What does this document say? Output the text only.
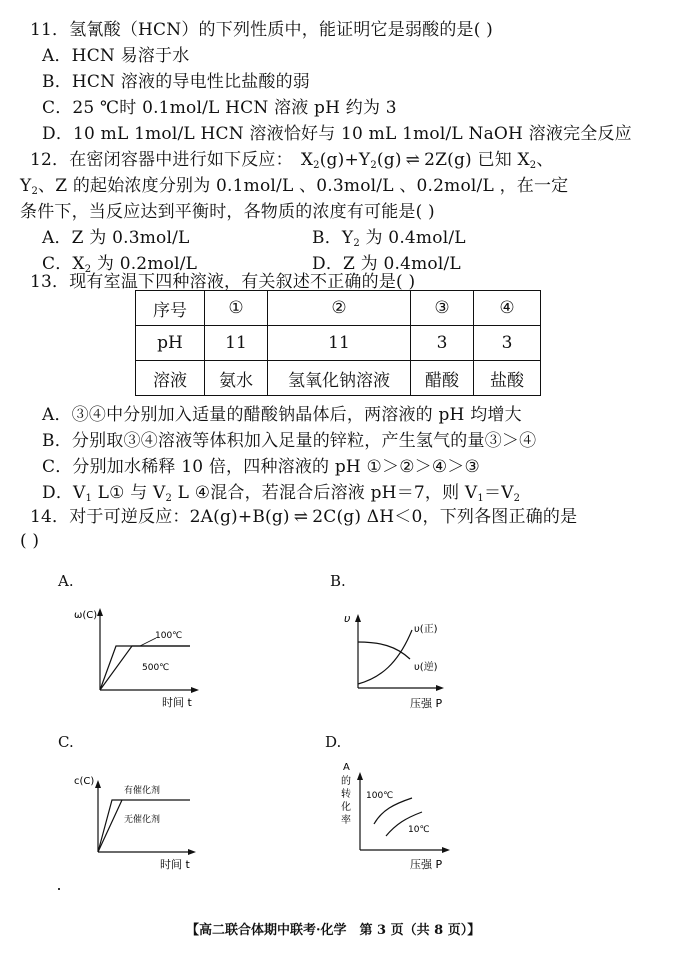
11．氢氰酸（HCN）的下列性质中，能证明它是弱酸的是( )
A．HCN 易溶于水
B．HCN 溶液的导电性比盐酸的弱
C．25 ℃时 0.1mol/L HCN 溶液 pH 约为 3
D．10 mL 1mol/L HCN 溶液恰好与 10 mL 1mol/L NaOH 溶液完全反应
12．在密闭容器中进行如下反应： $X_2(g)+Y_2(g)$ ⇌ 2Z(g) 已知 $X_2$、
$Y_2$、Z 的起始浓度分别为 0.1mol/L 、0.3mol/L 、0.2mol/L ，在一定
条件下，当反应达到平衡时，各物质的浓度有可能是( )
A．Z 为 0.3mol/L	B．$Y_2$ 为 0.4mol/L
C．$X_2$ 为 0.2mol/L	D．Z 为 0.4mol/L
13．现有室温下四种溶液，有关叙述不正确的是( )
序号	①	②	③	④
pH	11	11	3	3
溶液	氨水	氢氧化钠溶液	醋酸	盐酸
A．③④中分别加入适量的醋酸钠晶体后，两溶液的 pH 均增大
B．分别取③④溶液等体积加入足量的锌粒，产生氢气的量③＞④
C．分别加水稀释 10 倍，四种溶液的 pH ①＞②＞④＞③
D．$V_1$ L① 与 $V_2$ L ④混合，若混合后溶液 pH＝7，则 $V_1=V_2$
14．对于可逆反应：2A(g)+B(g) ⇌ 2C(g) ΔH＜0，下列各图正确的是
( )
A.	B.
C.	D.
ω(C)
100℃
500℃
时间 t
υ
υ(正)
υ(逆)
压强 P
c(C)
有催化剂
无催化剂
时间 t
A
的
转
化
率
100℃
10℃
压强 P
【高二联合体期中联考·化学　第 3 页（共 8 页）】
